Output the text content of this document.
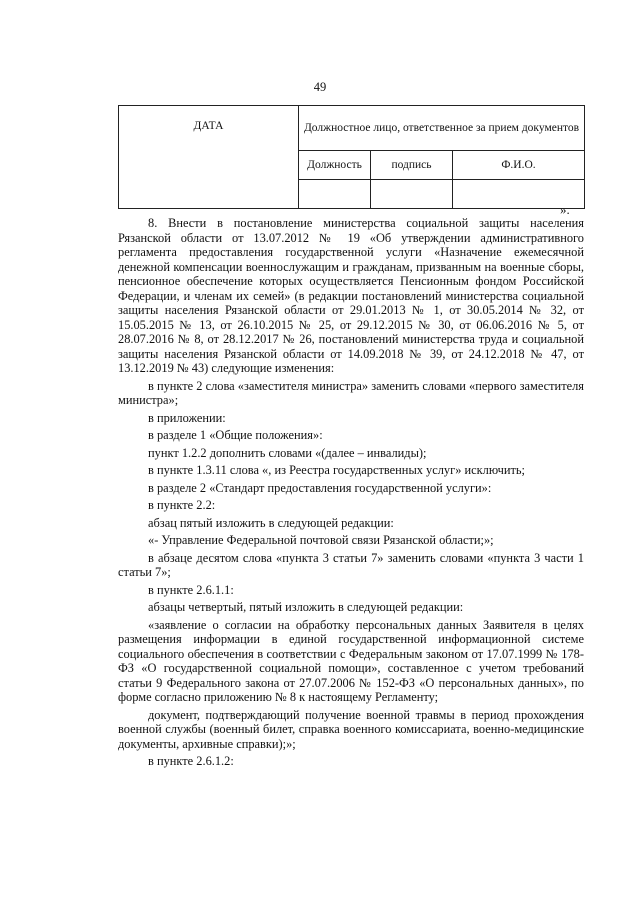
49
ДАТА	Должностное лицо, ответственное за прием документов		
	Должность	подпись	Ф.И.О.

».

8. Внести в постановление министерства социальной защиты населения Рязанской области от 13.07.2012 № 19 «Об утверждении административного регламента предоставления государственной услуги «Назначение ежемесячной денежной компенсации военнослужащим и гражданам, призванным на военные сборы, пенсионное обеспечение которых осуществляется Пенсионным фондом Российской Федерации, и членам их семей» (в редакции постановлений министерства социальной защиты населения Рязанской области от 29.01.2013 № 1, от 30.05.2014 № 32, от 15.05.2015 № 13, от 26.10.2015 № 25, от 29.12.2015 № 30, от 06.06.2016 № 5, от 28.07.2016 № 8, от 28.12.2017 № 26, постановлений министерства труда и социальной защиты населения Рязанской области от 14.09.2018 № 39, от 24.12.2018 № 47, от 13.12.2019 № 43) следующие изменения:

в пункте 2 слова «заместителя министра» заменить словами «первого заместителя министра»;

в приложении:

в разделе 1 «Общие положения»:

пункт 1.2.2 дополнить словами «(далее – инвалиды);

в пункте 1.3.11 слова «, из Реестра государственных услуг» исключить;

в разделе 2 «Стандарт предоставления государственной услуги»:

в пункте 2.2:

абзац пятый изложить в следующей редакции:

«- Управление Федеральной почтовой связи Рязанской области;»;

в абзаце десятом слова «пункта 3 статьи 7» заменить словами «пункта 3 части 1 статьи 7»;

в пункте 2.6.1.1:

абзацы четвертый, пятый изложить в следующей редакции:

«заявление о согласии на обработку персональных данных Заявителя в целях размещения информации в единой государственной информационной системе социального обеспечения в соответствии с Федеральным законом от 17.07.1999 № 178-ФЗ «О государственной социальной помощи», составленное с учетом требований статьи 9 Федерального закона от 27.07.2006 № 152-ФЗ «О персональных данных», по форме согласно приложению № 8 к настоящему Регламенту;

документ, подтверждающий получение военной травмы в период прохождения военной службы (военный билет, справка военного комиссариата, военно-медицинские документы, архивные справки);»;

в пункте 2.6.1.2:
